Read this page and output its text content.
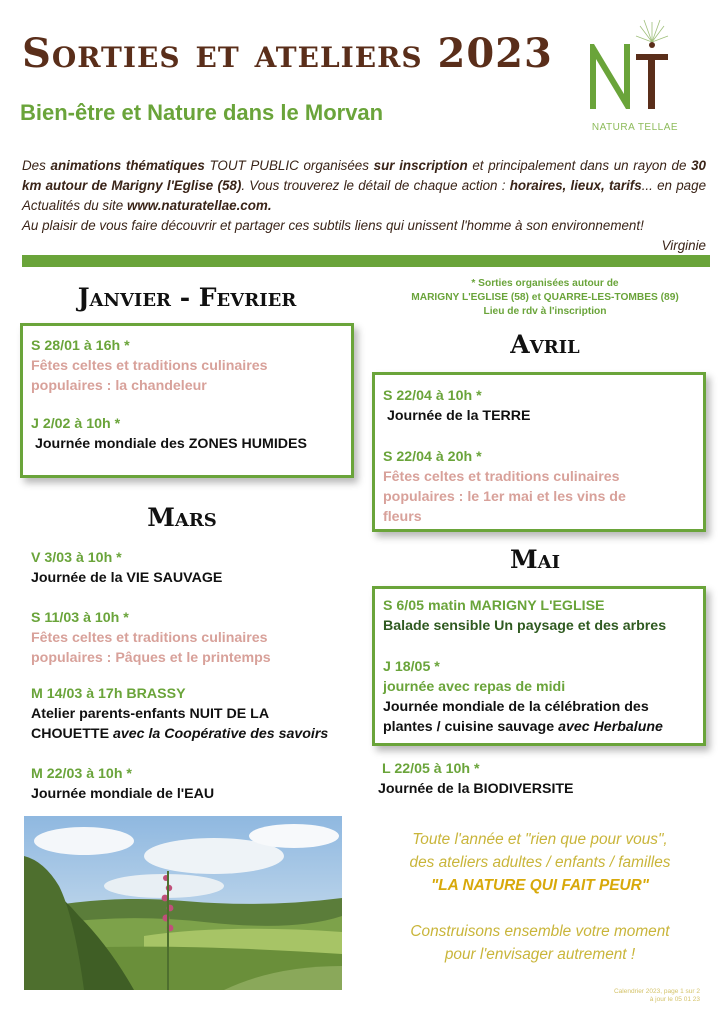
Sorties et ateliers 2023
Bien-être et Nature dans le Morvan
NATURA TELLAE
Des animations thématiques TOUT PUBLIC organisées sur inscription et principalement dans un rayon de 30 km autour de Marigny l'Eglise (58). Vous trouverez le détail de chaque action : horaires, lieux, tarifs... en page Actualités du site www.naturatellae.com.
Au plaisir de vous faire découvrir et partager ces subtils liens qui unissent l'homme à son environnement!
Virginie
* Sorties organisées autour de
MARIGNY L'EGLISE (58) et QUARRE-LES-TOMBES (89)
Lieu de rdv à l'inscription
Janvier - Fevrier
S 28/01 à 16h *
Fêtes celtes et traditions culinaires
populaires : la chandeleur
J 2/02 à 10h *
Journée mondiale des ZONES HUMIDES
Mars
V 3/03 à 10h *
Journée de la VIE SAUVAGE
S 11/03 à 10h *
Fêtes celtes et traditions culinaires
populaires : Pâques et le printemps
M 14/03 à 17h BRASSY
Atelier parents-enfants NUIT DE LA
CHOUETTE avec la Coopérative des savoirs
M 22/03 à 10h *
Journée mondiale de l'EAU
Avril
S 22/04 à 10h *
Journée de la TERRE
S 22/04 à 20h *
Fêtes celtes et traditions culinaires
populaires : le 1er mai et les vins de
fleurs
Mai
S 6/05 matin MARIGNY L'EGLISE
Balade sensible Un paysage et des arbres
J 18/05 *
journée avec repas de midi
Journée mondiale de la célébration des
plantes / cuisine sauvage avec Herbalune
L 22/05 à 10h *
Journée de la BIODIVERSITE
Toute l'année et "rien que pour vous",
des ateliers adultes / enfants / familles
"LA NATURE QUI FAIT PEUR"
Construisons ensemble votre moment
pour l'envisager autrement !
Calendrier 2023, page 1 sur 2
à jour le 05 01 23
